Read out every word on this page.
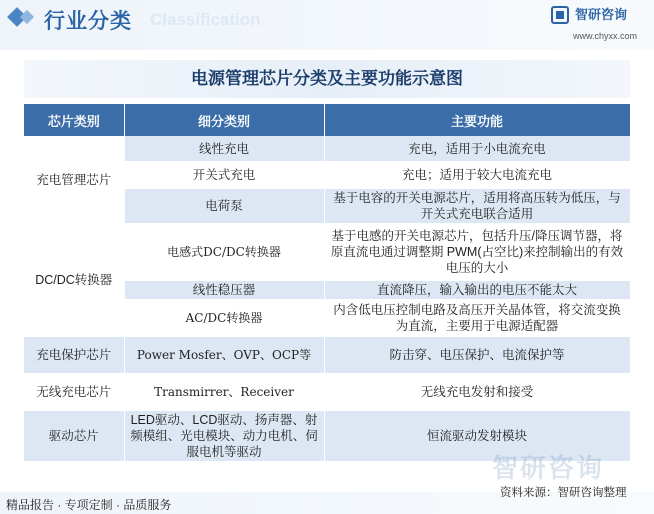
行业分类 Classification	智研咨询
www.chyxx.com
电源管理芯片分类及主要功能示意图
芯片类别	细分类别	主要功能
充电管理芯片	线性充电	充电，适用于小电流充电
	开关式充电	充电；适用于较大电流充电
	电荷泵	基于电容的开关电源芯片，适用将高压转为低压，与开关式充电联合适用
DC/DC转换器	电感式DC/DC转换器	基于电感的开关电源芯片，包括升压/降压调节器，将原直流电通过调整期 PWM(占空比)来控制输出的有效电压的大小
	线性稳压器	直流降压，输入输出的电压不能太大
	AC/DC转换器	内含低电压控制电路及高压开关晶体管，将交流变换为直流，主要用于电源适配器
充电保护芯片	Power Mosfer、OVP、OCP等	防击穿、电压保护、电流保护等
无线充电芯片	Transmirrer、Receiver	无线充电发射和接受
驱动芯片	LED驱动、LCD驱动、扬声器、射频模组、光电模块、动力电机、伺服电机等驱动	恒流驱动发射模块
智研咨询
精品报告 · 专项定制 · 品质服务
资料来源：智研咨询整理
